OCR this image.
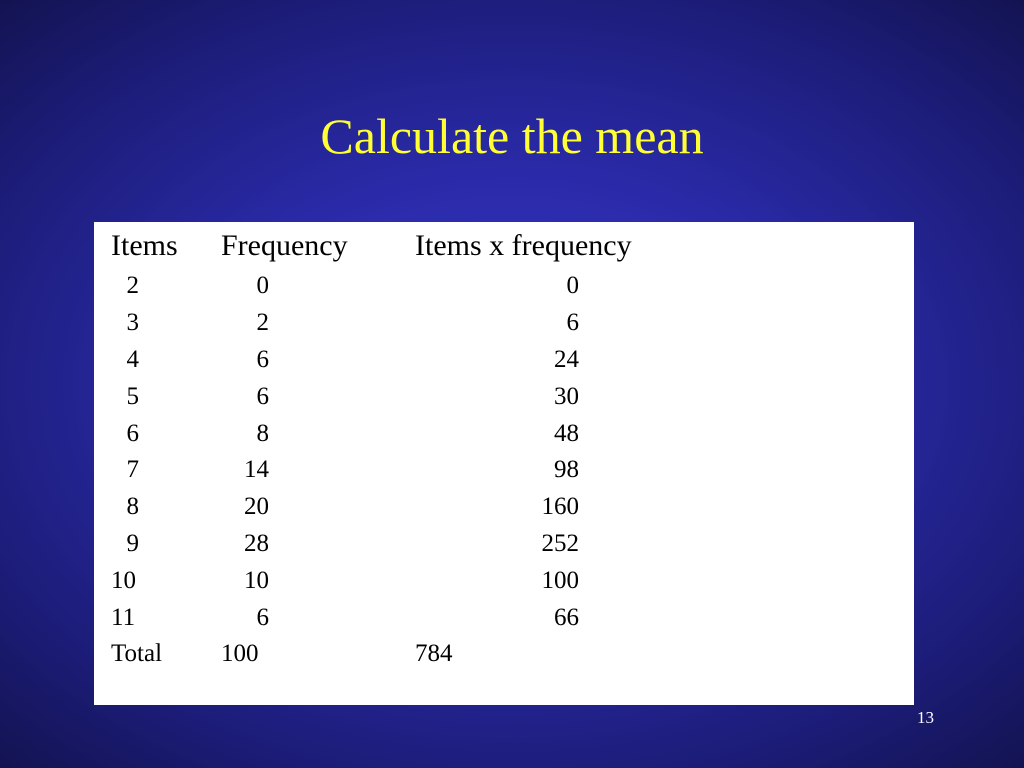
Calculate the mean
Items	Frequency	Items x frequency
2	0	0
3	2	6
4	6	24
5	6	30
6	8	48
7	14	98
8	20	160
9	28	252
10	10	100
11	6	66
Total	100	784
13
